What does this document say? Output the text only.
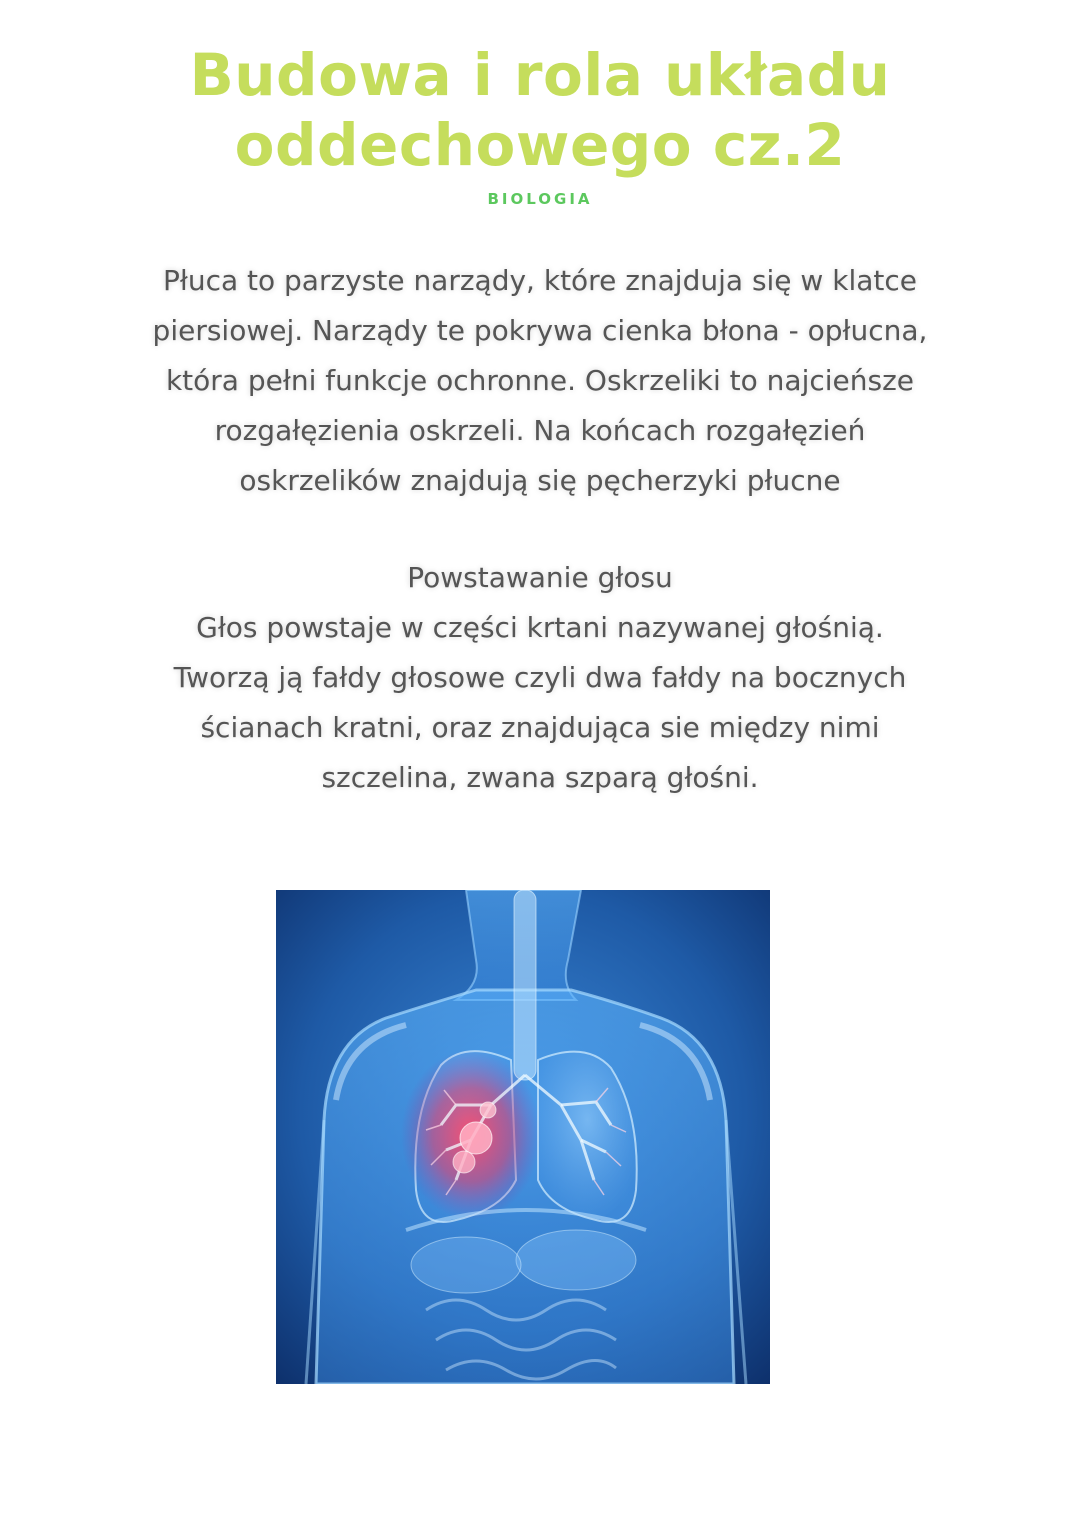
Budowa i rola układu
oddechowego cz.2
BIOLOGIA
Płuca to parzyste narządy, które znajduja się w klatce
piersiowej. Narządy te pokrywa cienka błona - opłucna,
która pełni funkcje ochronne. Oskrzeliki to najcieńsze
rozgałęzienia oskrzeli. Na końcach rozgałęzień
oskrzelików znajdują się pęcherzyki płucne
Powstawanie głosu
Głos powstaje w części krtani nazywanej głośnią.
Tworzą ją fałdy głosowe czyli dwa fałdy na bocznych
ścianach kratni, oraz znajdująca sie między nimi
szczelina, zwana szparą głośni.
